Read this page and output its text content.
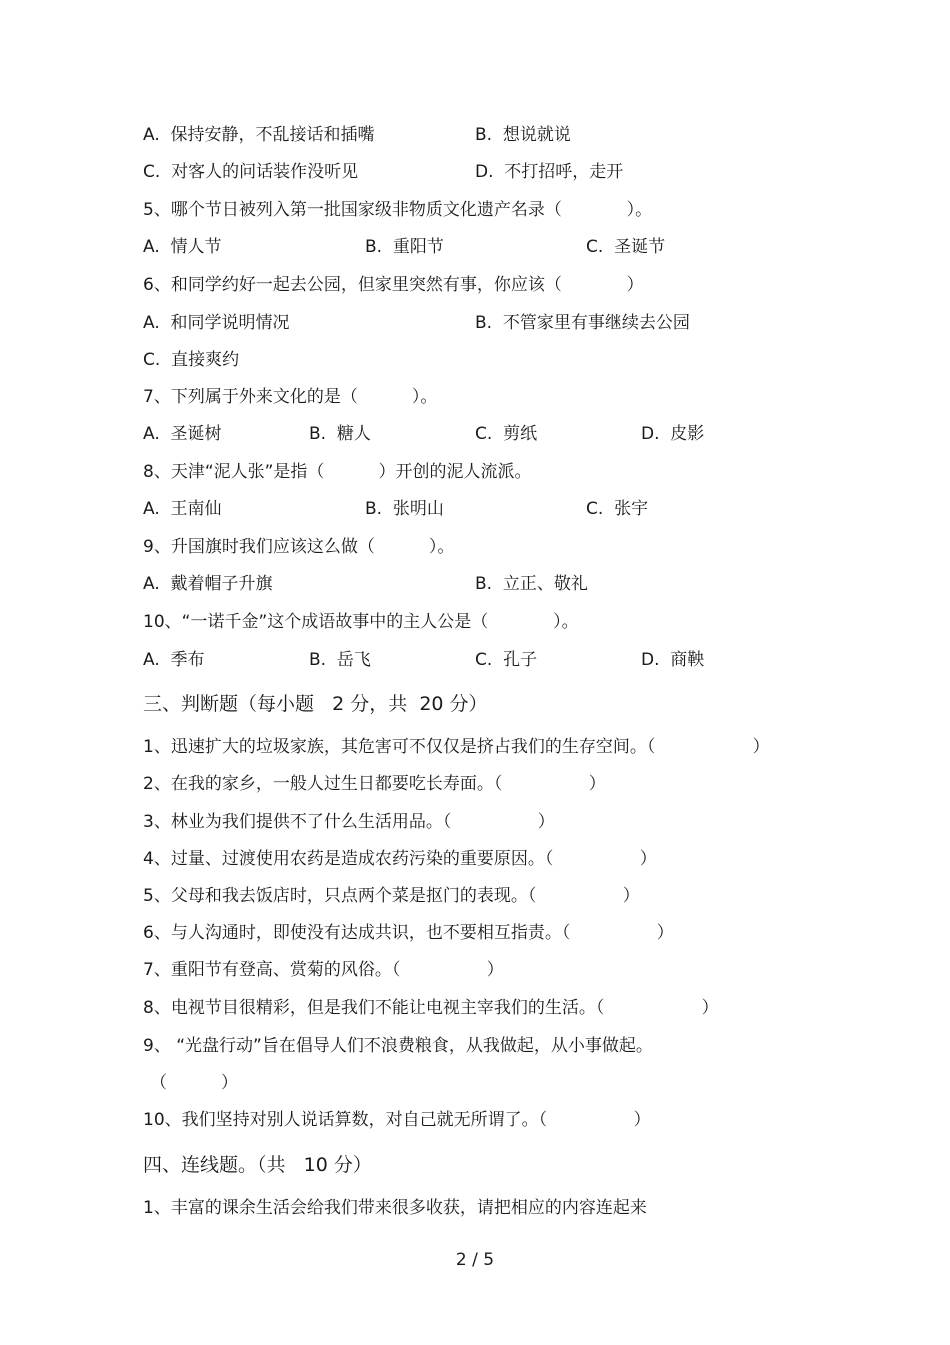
A.  保持安静，不乱接话和插嘴	B.  想说就说
C.  对客人的问话装作没听见	D.  不打招呼，走开
5、哪个节日被列入第一批国家级非物质文化遗产名录（            ）。
A.  情人节	B.  重阳节	C.  圣诞节
6、和同学约好一起去公园，但家里突然有事，你应该（            ）
A.  和同学说明情况	B.  不管家里有事继续去公园
C.  直接爽约
7、下列属于外来文化的是（          ）。
A.  圣诞树	B.  糖人	C.  剪纸	D.  皮影
8、天津“泥人张”是指（          ）开创的泥人流派。
A.  王南仙	B.  张明山	C.  张宇
9、升国旗时我们应该这么做（          ）。
A.  戴着帽子升旗	B.  立正、敬礼
10、“一诺千金”这个成语故事中的主人公是（            ）。
A.  季布	B.  岳飞	C.  孔子	D.  商鞅
三、判断题（每小题   2 分，共  20 分）
1、迅速扩大的垃圾家族，其危害可不仅仅是挤占我们的生存空间。（                  ）
2、在我的家乡，一般人过生日都要吃长寿面。（                ）
3、林业为我们提供不了什么生活用品。（                ）
4、过量、过渡使用农药是造成农药污染的重要原因。（                ）
5、父母和我去饭店时，只点两个菜是抠门的表现。（                ）
6、与人沟通时，即使没有达成共识，也不要相互指责。（                ）
7、重阳节有登高、赏菊的风俗。（                ）
8、电视节目很精彩，但是我们不能让电视主宰我们的生活。（                  ）
9、 “光盘行动”旨在倡导人们不浪费粮食，从我做起，从小事做起。
（          ）
10、我们坚持对别人说话算数，对自己就无所谓了。（                ）
四、连线题。（共   10 分）
1、丰富的课余生活会给我们带来很多收获，请把相应的内容连起来
2 / 5
